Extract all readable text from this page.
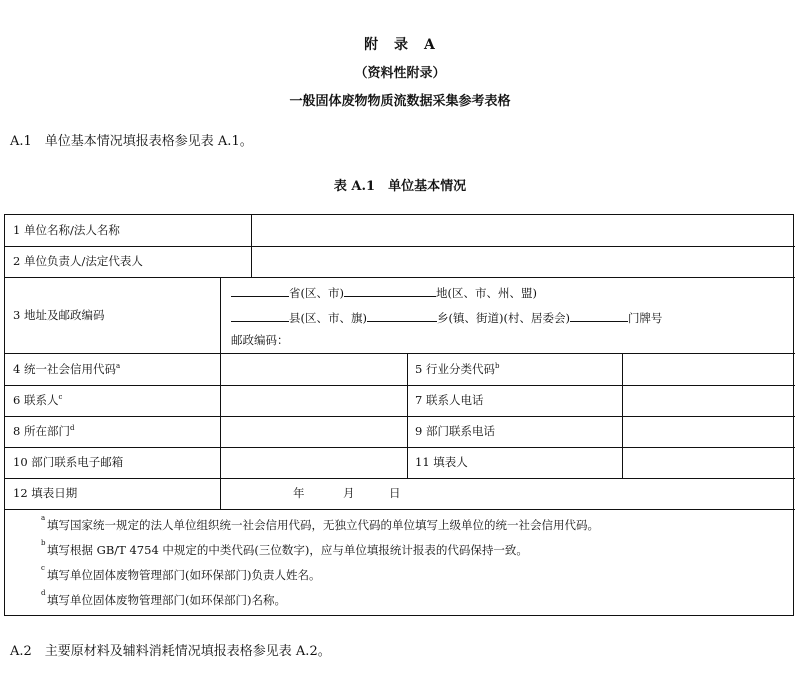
附　录　A
（资料性附录）
一般固体废物物质流数据采集参考表格
A.1　单位基本情况填报表格参见表 A.1。
表 A.1　单位基本情况
1 单位名称/法人名称
2 单位负责人/法定代表人
3 地址及邮政编码
省(区、市)	地(区、市、州、盟)
县(区、市、旗)	乡(镇、街道)(村、居委会)	门牌号
邮政编码：
4 统一社会信用代码$^a$	5 行业分类代码$^b$
6 联系人$^c$	7 联系人电话
8 所在部门$^d$	9 部门联系电话
10 部门联系电子邮箱	11 填表人
12 填表日期	年	月	日
a 填写国家统一规定的法人单位组织统一社会信用代码，无独立代码的单位填写上级单位的统一社会信用代码。
b 填写根据 GB/T 4754 中规定的中类代码(三位数字)，应与单位填报统计报表的代码保持一致。
c 填写单位固体废物管理部门(如环保部门)负责人姓名。
d 填写单位固体废物管理部门(如环保部门)名称。
A.2　主要原材料及辅料消耗情况填报表格参见表 A.2。
